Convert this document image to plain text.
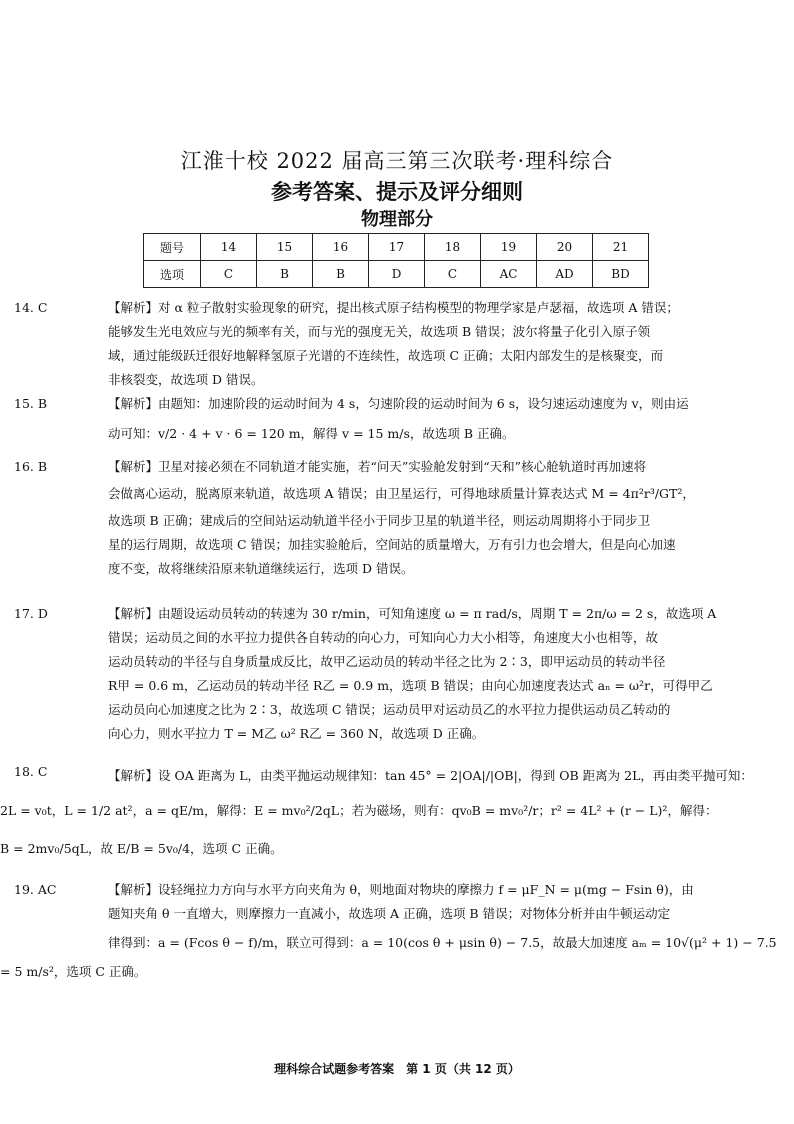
江淮十校 2022 届高三第三次联考·理科综合
参考答案、提示及评分细则
物理部分
题号	14	15	16	17	18	19	20	21
选项	C	B	B	D	C	AC	AD	BD
14. C	【解析】对 α 粒子散射实验现象的研究，提出核式原子结构模型的物理学家是卢瑟福，故选项 A 错误；

能够发生光电效应与光的频率有关，而与光的强度无关，故选项 B 错误；波尔将量子化引入原子领

域，通过能级跃迁很好地解释氢原子光谱的不连续性，故选项 C 正确；太阳内部发生的是核聚变，而

非核裂变，故选项 D 错误。

15. B	【解析】由题知：加速阶段的运动时间为 4 s，匀速阶段的运动时间为 6 s，设匀速运动速度为 v，则由运

动可知：v/2 · 4 + v · 6 = 120 m，解得 v = 15 m/s，故选项 B 正确。

16. B	【解析】卫星对接必须在不同轨道才能实施，若“问天”实验舱发射到“天和”核心舱轨道时再加速将

会做离心运动，脱离原来轨道，故选项 A 错误；由卫星运行，可得地球质量计算表达式 M = 4π²r³/GT²，

故选项 B 正确；建成后的空间站运动轨道半径小于同步卫星的轨道半径，则运动周期将小于同步卫

星的运行周期，故选项 C 错误；加挂实验舱后，空间站的质量增大，万有引力也会增大，但是向心加速

度不变，故将继续沿原来轨道继续运行，选项 D 错误。

17. D	【解析】由题设运动员转动的转速为 30 r/min，可知角速度 ω = π rad/s，周期 T = 2π/ω = 2 s，故选项 A

错误；运动员之间的水平拉力提供各自转动的向心力，可知向心力大小相等，角速度大小也相等，故

运动员转动的半径与自身质量成反比，故甲乙运动员的转动半径之比为 2∶3，即甲运动员的转动半径

R甲 = 0.6 m，乙运动员的转动半径 R乙 = 0.9 m，选项 B 错误；由向心加速度表达式 aₙ = ω²r，可得甲乙

运动员向心加速度之比为 2∶3，故选项 C 错误；运动员甲对运动员乙的水平拉力提供运动员乙转动的

向心力，则水平拉力 T = M乙 ω² R乙 = 360 N，故选项 D 正确。

18. C	【解析】设 OA 距离为 L，由类平抛运动规律知：tan 45° = 2|OA|/|OB|，得到 OB 距离为 2L，再由类平抛可知：

2L = v₀t，L = 1/2 at²，a = qE/m，解得：E = mv₀²/2qL；若为磁场，则有：qv₀B = mv₀²/r；r² = 4L² + (r − L)²，解得：

B = 2mv₀/5qL，故 E/B = 5v₀/4，选项 C 正确。

19. AC	【解析】设轻绳拉力方向与水平方向夹角为 θ，则地面对物块的摩擦力 f = μF_N = μ(mg − Fsin θ)，由

题知夹角 θ 一直增大，则摩擦力一直减小，故选项 A 正确，选项 B 错误；对物体分析并由牛顿运动定

律得到：a = (Fcos θ − f)/m，联立可得到：a = 10(cos θ + μsin θ) − 7.5，故最大加速度 aₘ = 10√(μ² + 1) − 7.5

= 5 m/s²，选项 C 正确。

理科综合试题参考答案　第 1 页（共 12 页）
